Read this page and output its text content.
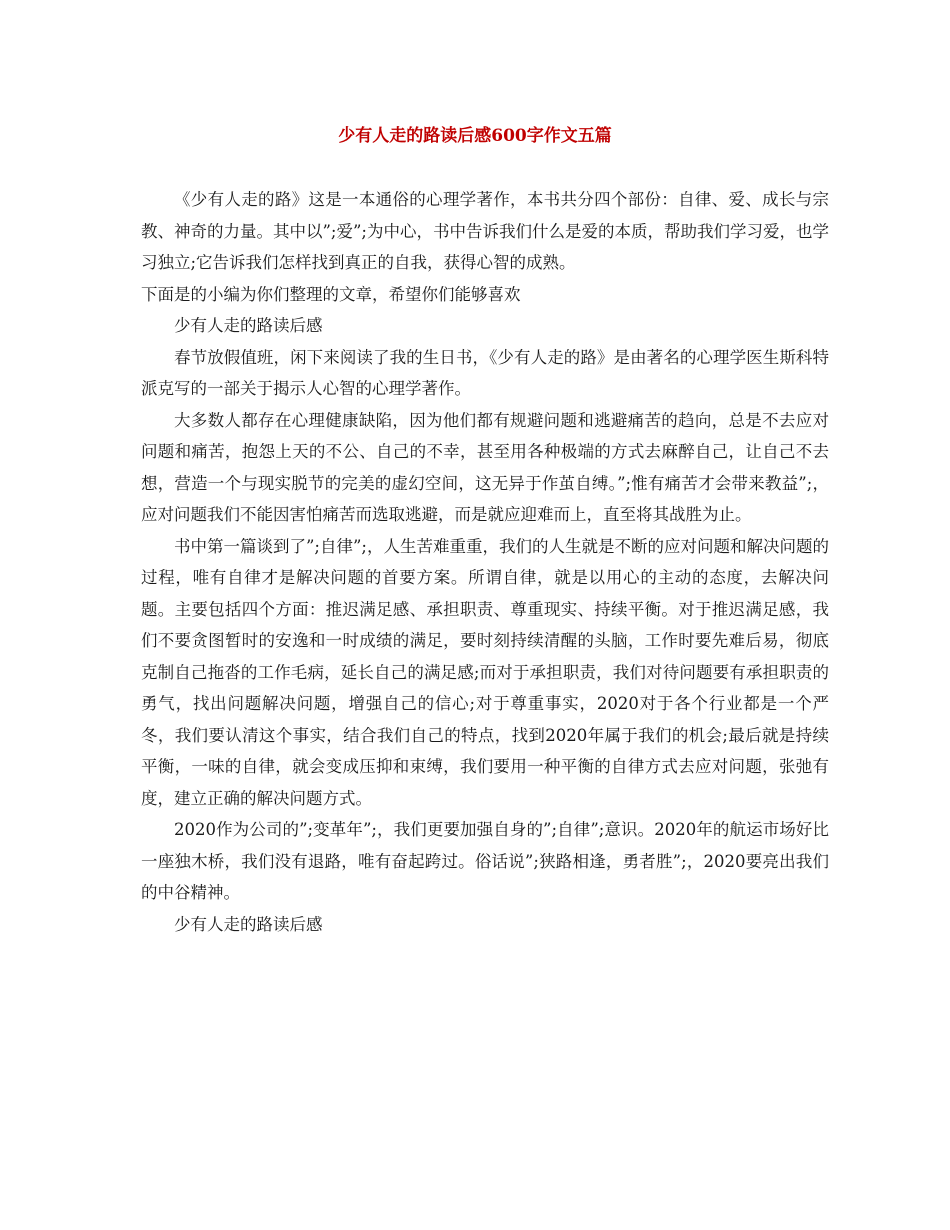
少有人走的路读后感600字作文五篇

《少有人走的路》这是一本通俗的心理学著作，本书共分四个部份：自律、爱、成长与宗教、神奇的力量。其中以”;爱”;为中心，书中告诉我们什么是爱的本质，帮助我们学习爱，也学习独立;它告诉我们怎样找到真正的自我，获得心智的成熟。

下面是的小编为你们整理的文章，希望你们能够喜欢

少有人走的路读后感

春节放假值班，闲下来阅读了我的生日书，《少有人走的路》是由著名的心理学医生斯科特派克写的一部关于揭示人心智的心理学著作。

大多数人都存在心理健康缺陷，因为他们都有规避问题和逃避痛苦的趋向，总是不去应对问题和痛苦，抱怨上天的不公、自己的不幸，甚至用各种极端的方式去麻醉自己，让自己不去想，营造一个与现实脱节的完美的虚幻空间，这无异于作茧自缚。”;惟有痛苦才会带来教益”;，应对问题我们不能因害怕痛苦而选取逃避，而是就应迎难而上，直至将其战胜为止。

书中第一篇谈到了”;自律”;，人生苦难重重，我们的人生就是不断的应对问题和解决问题的过程，唯有自律才是解决问题的首要方案。所谓自律，就是以用心的主动的态度，去解决问题。主要包括四个方面：推迟满足感、承担职责、尊重现实、持续平衡。对于推迟满足感，我们不要贪图暂时的安逸和一时成绩的满足，要时刻持续清醒的头脑，工作时要先难后易，彻底克制自己拖沓的工作毛病，延长自己的满足感;而对于承担职责，我们对待问题要有承担职责的勇气，找出问题解决问题，增强自己的信心;对于尊重事实，2020对于各个行业都是一个严冬，我们要认清这个事实，结合我们自己的特点，找到2020年属于我们的机会;最后就是持续平衡，一味的自律，就会变成压抑和束缚，我们要用一种平衡的自律方式去应对问题，张弛有度，建立正确的解决问题方式。

2020作为公司的”;变革年”;，我们更要加强自身的”;自律”;意识。2020年的航运市场好比一座独木桥，我们没有退路，唯有奋起跨过。俗话说”;狭路相逢，勇者胜”;，2020要亮出我们的中谷精神。

少有人走的路读后感
